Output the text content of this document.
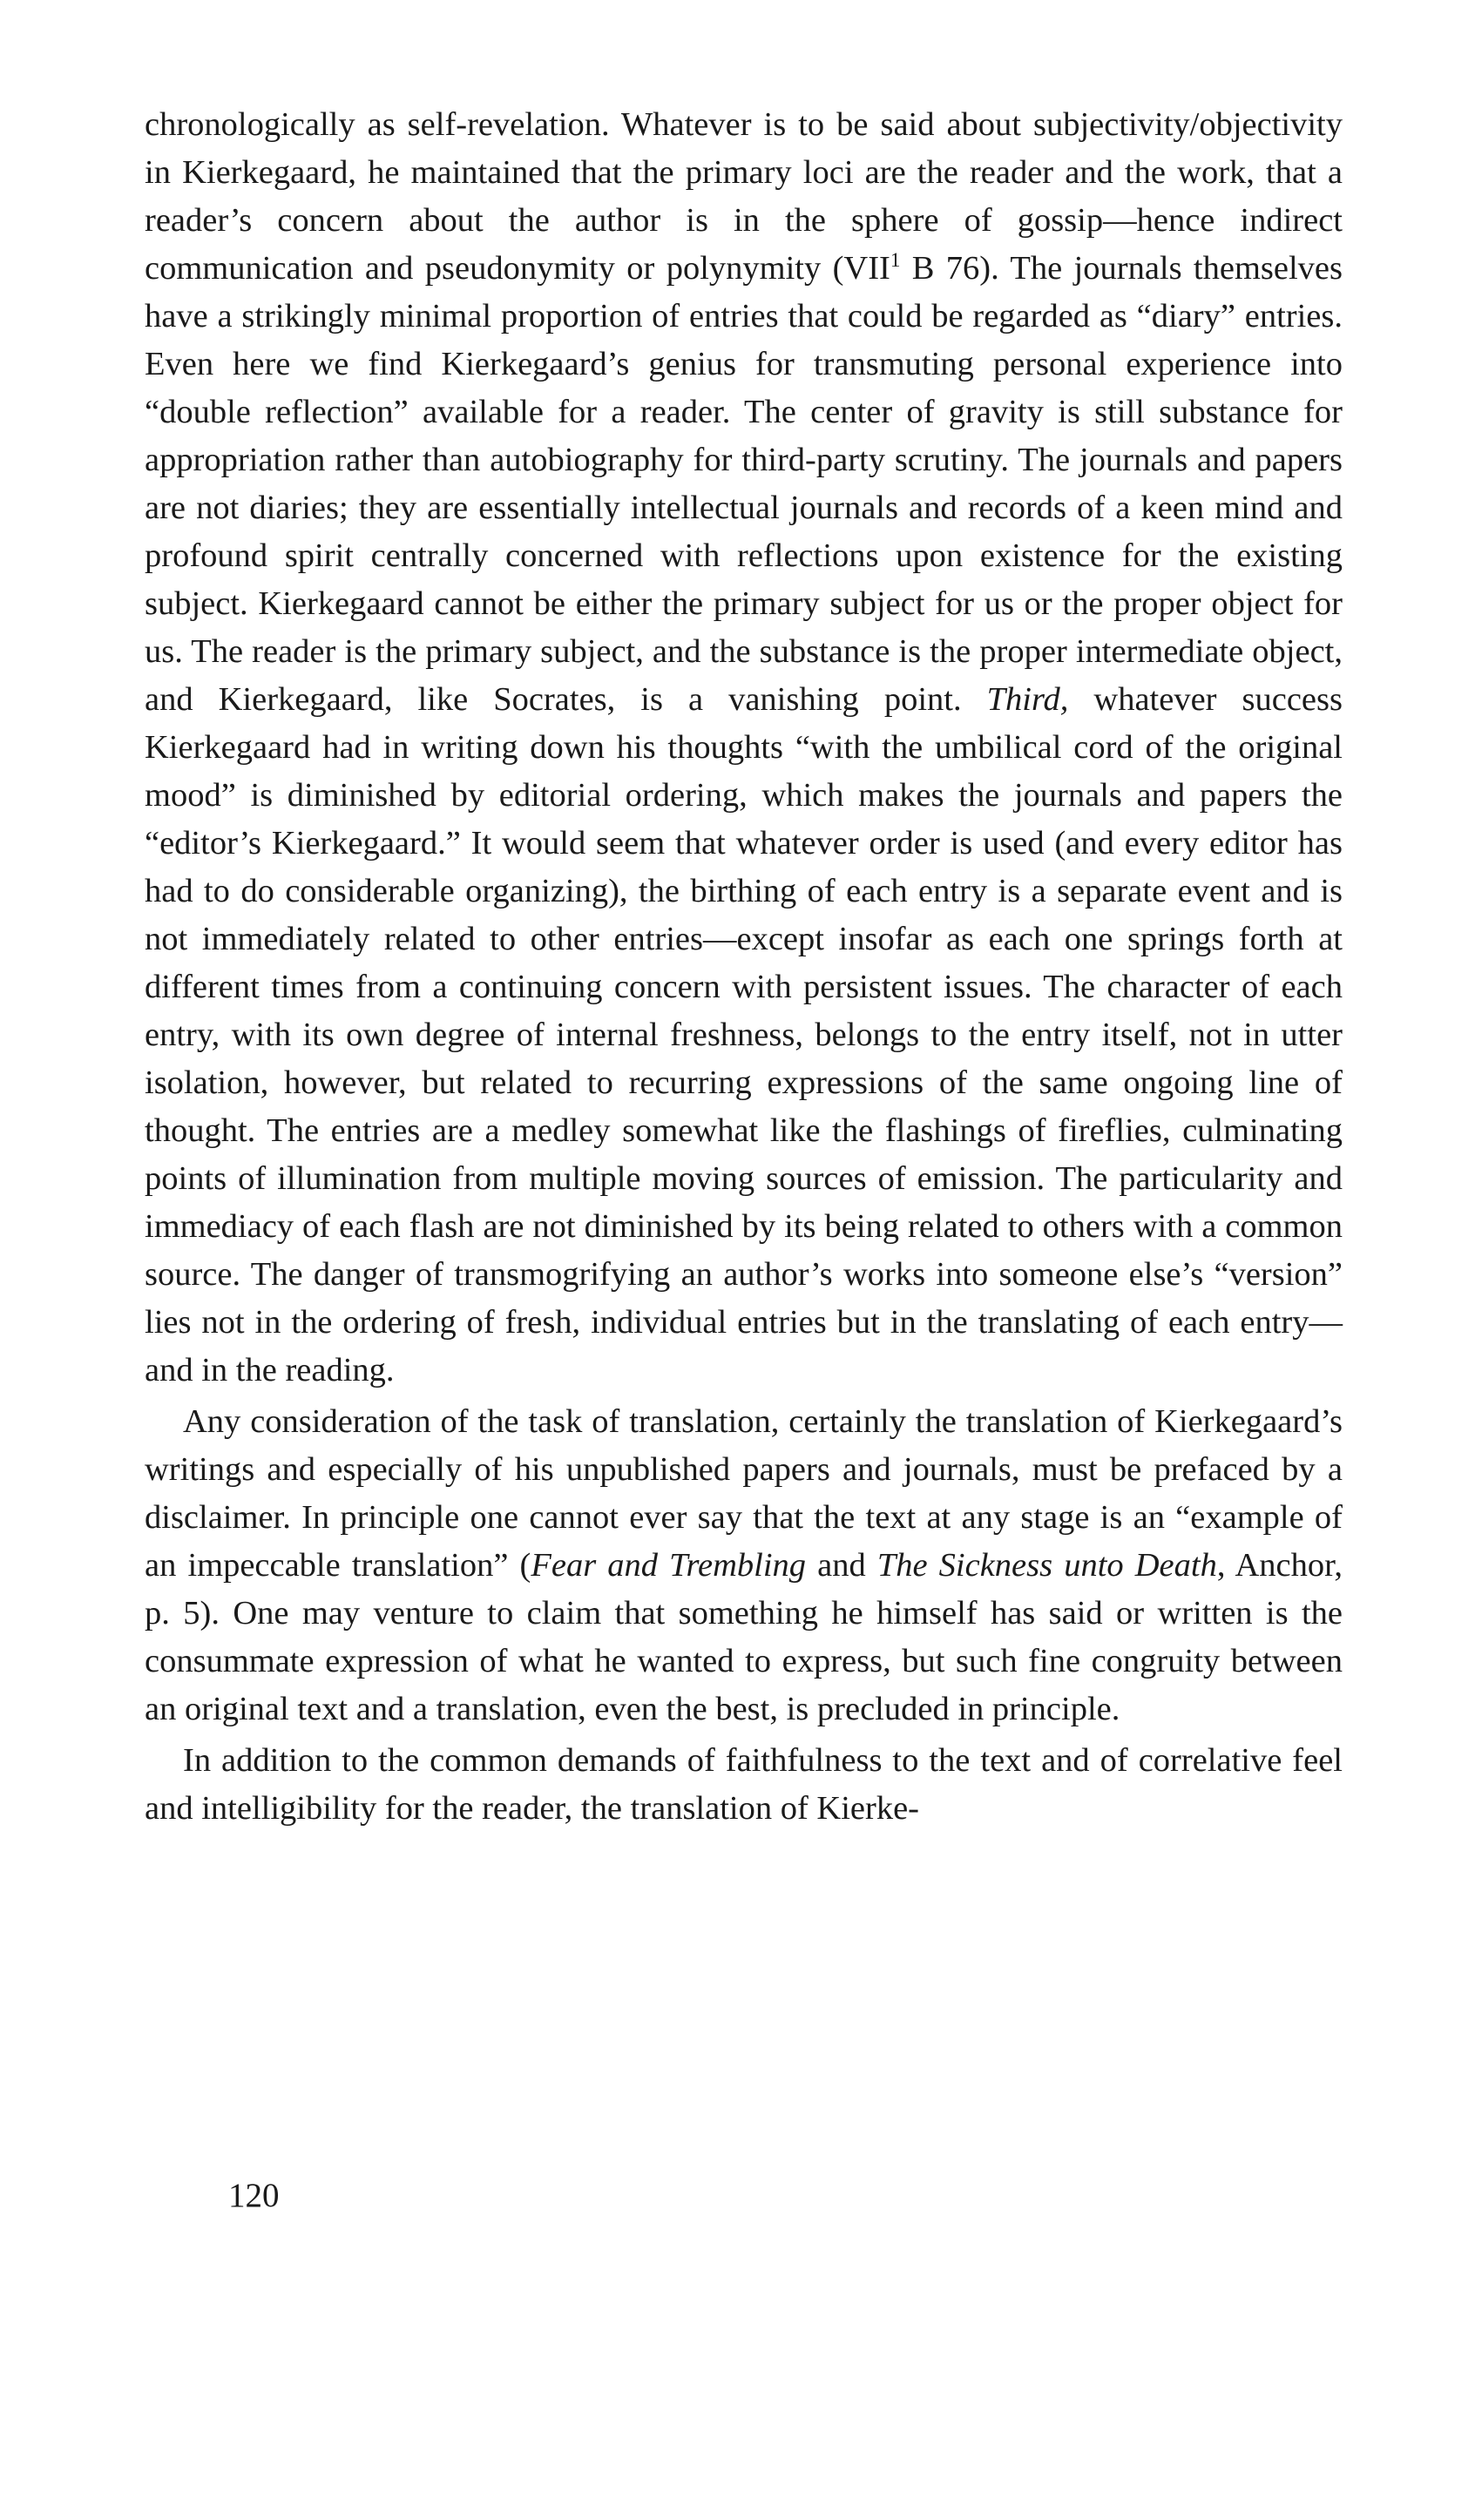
chronologically as self-revelation. Whatever is to be said about subjectivity/objectivity in Kierkegaard, he maintained that the primary loci are the reader and the work, that a reader’s concern about the author is in the sphere of gossip—hence indirect communication and pseudonymity or polynymity (VII$^1$ B 76). The journals themselves have a strikingly minimal proportion of entries that could be regarded as “diary” entries. Even here we find Kierkegaard’s genius for transmuting personal experience into “double reflection” available for a reader. The center of gravity is still substance for appropriation rather than autobiography for third-party scrutiny. The journals and papers are not diaries; they are essentially intellectual journals and records of a keen mind and profound spirit centrally concerned with reflections upon existence for the existing subject. Kierkegaard cannot be either the primary subject for us or the proper object for us. The reader is the primary subject, and the substance is the proper intermediate object, and Kierkegaard, like Socrates, is a vanishing point. Third, whatever success Kierkegaard had in writing down his thoughts “with the umbilical cord of the original mood” is diminished by editorial ordering, which makes the journals and papers the “editor’s Kierkegaard.” It would seem that whatever order is used (and every editor has had to do considerable organizing), the birthing of each entry is a separate event and is not immediately related to other entries—except insofar as each one springs forth at different times from a continuing concern with persistent issues. The character of each entry, with its own degree of internal freshness, belongs to the entry itself, not in utter isolation, however, but related to recurring expressions of the same ongoing line of thought. The entries are a medley somewhat like the flashings of fireflies, culminating points of illumination from multiple moving sources of emission. The particularity and immediacy of each flash are not diminished by its being related to others with a common source. The danger of transmogrifying an author’s works into someone else’s “version” lies not in the ordering of fresh, individual entries but in the translating of each entry—and in the reading.

Any consideration of the task of translation, certainly the translation of Kierkegaard’s writings and especially of his unpublished papers and journals, must be prefaced by a disclaimer. In principle one cannot ever say that the text at any stage is an “example of an impeccable translation” (Fear and Trembling and The Sickness unto Death, Anchor, p. 5). One may venture to claim that something he himself has said or written is the consummate expression of what he wanted to express, but such fine congruity between an original text and a translation, even the best, is precluded in principle.

In addition to the common demands of faithfulness to the text and of correlative feel and intelligibility for the reader, the translation of Kierke-

120
